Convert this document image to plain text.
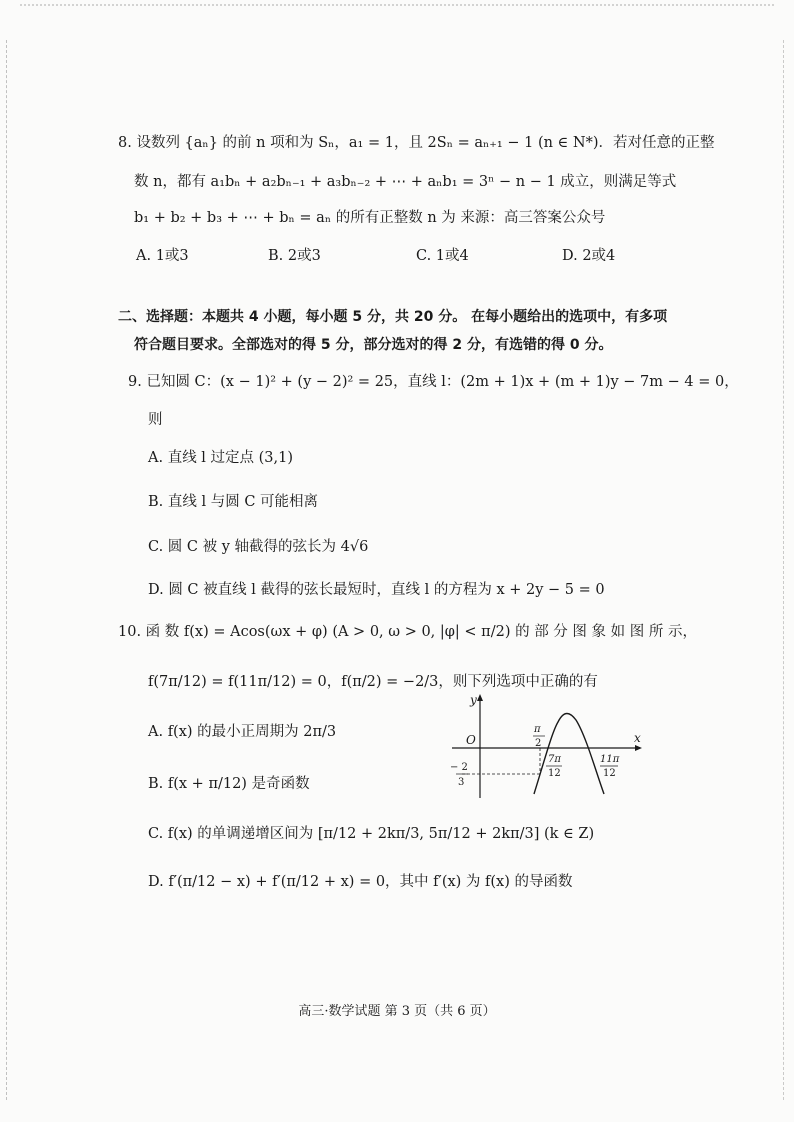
8. 设数列 {aₙ} 的前 n 项和为 Sₙ，a₁ = 1，且 2Sₙ = aₙ₊₁ − 1 (n ∈ N*)．若对任意的正整
数 n，都有 a₁bₙ + a₂bₙ₋₁ + a₃bₙ₋₂ + ⋯ + aₙb₁ = 3ⁿ − n − 1 成立，则满足等式
b₁ + b₂ + b₃ + ⋯ + bₙ = aₙ 的所有正整数 n 为 来源：高三答案公众号
A. 1或3	B. 2或3	C. 1或4	D. 2或4
二、选择题：本题共 4 小题，每小题 5 分，共 20 分。 在每小题给出的选项中，有多项
符合题目要求。全部选对的得 5 分，部分选对的得 2 分，有选错的得 0 分。
9. 已知圆 C：(x − 1)² + (y − 2)² = 25，直线 l：(2m + 1)x + (m + 1)y − 7m − 4 = 0，
则
A. 直线 l 过定点 (3,1)
B. 直线 l 与圆 C 可能相离
C. 圆 C 被 y 轴截得的弦长为 4√6
D. 圆 C 被直线 l 截得的弦长最短时，直线 l 的方程为 x + 2y − 5 = 0
10. 函 数 f(x) = Acos(ωx + φ) (A > 0, ω > 0, |φ| < π/2) 的 部 分 图 象 如 图 所 示，
f(7π/12) = f(11π/12) = 0，f(π/2) = −2/3，则下列选项中正确的有
A. f(x) 的最小正周期为 2π/3
B. f(x + π/12) 是奇函数
C. f(x) 的单调递增区间为 [π/12 + 2kπ/3, 5π/12 + 2kπ/3] (k ∈ Z)
D. f′(π/12 − x) + f′(π/12 + x) = 0，其中 f′(x) 为 f(x) 的导函数
y
x
O
π
2
− 2
3
7π
12
11π
12
高三·数学试题 第 3 页（共 6 页）
